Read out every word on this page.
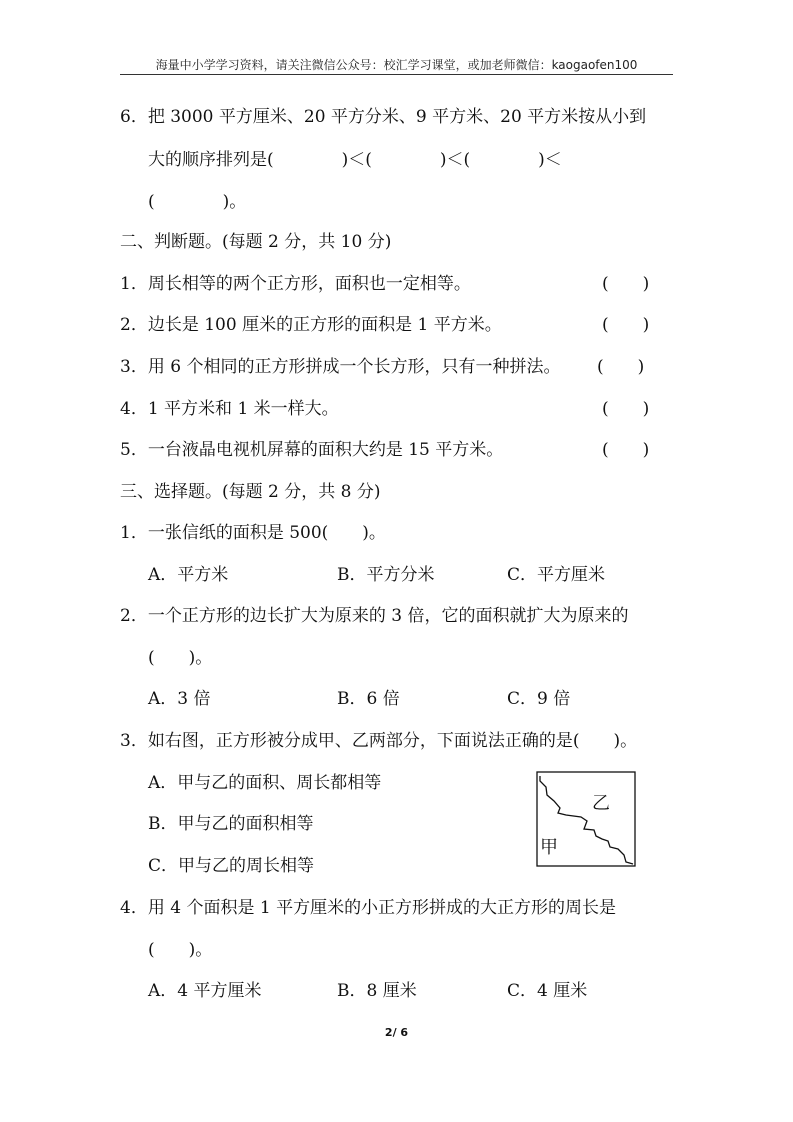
海量中小学学习资料，请关注微信公众号：校汇学习课堂，或加老师微信：kaogaofen100
6．把 3000 平方厘米、20 平方分米、9 平方米、20 平方米按从小到
大的顺序排列是(　　　　)＜(　　　　)＜(　　　　)＜
(　　　　)。
二、判断题。(每题 2 分，共 10 分)
1．周长相等的两个正方形，面积也一定相等。	(　　)
2．边长是 100 厘米的正方形的面积是 1 平方米。	(　　)
3．用 6 个相同的正方形拼成一个长方形，只有一种拼法。 (　　)
4．1 平方米和 1 米一样大。	(　　)
5．一台液晶电视机屏幕的面积大约是 15 平方米。	(　　)
三、选择题。(每题 2 分，共 8 分)
1．一张信纸的面积是 500(　　)。
A．平方米	B．平方分米	C．平方厘米
2．一个正方形的边长扩大为原来的 3 倍，它的面积就扩大为原来的
(　　)。
A．3 倍	B．6 倍	C．9 倍
3．如右图，正方形被分成甲、乙两部分，下面说法正确的是(　　)。
A．甲与乙的面积、周长都相等
B．甲与乙的面积相等
C．甲与乙的周长相等
乙
甲
4．用 4 个面积是 1 平方厘米的小正方形拼成的大正方形的周长是
(　　)。
A．4 平方厘米	B．8 厘米	C．4 厘米
2/ 6
